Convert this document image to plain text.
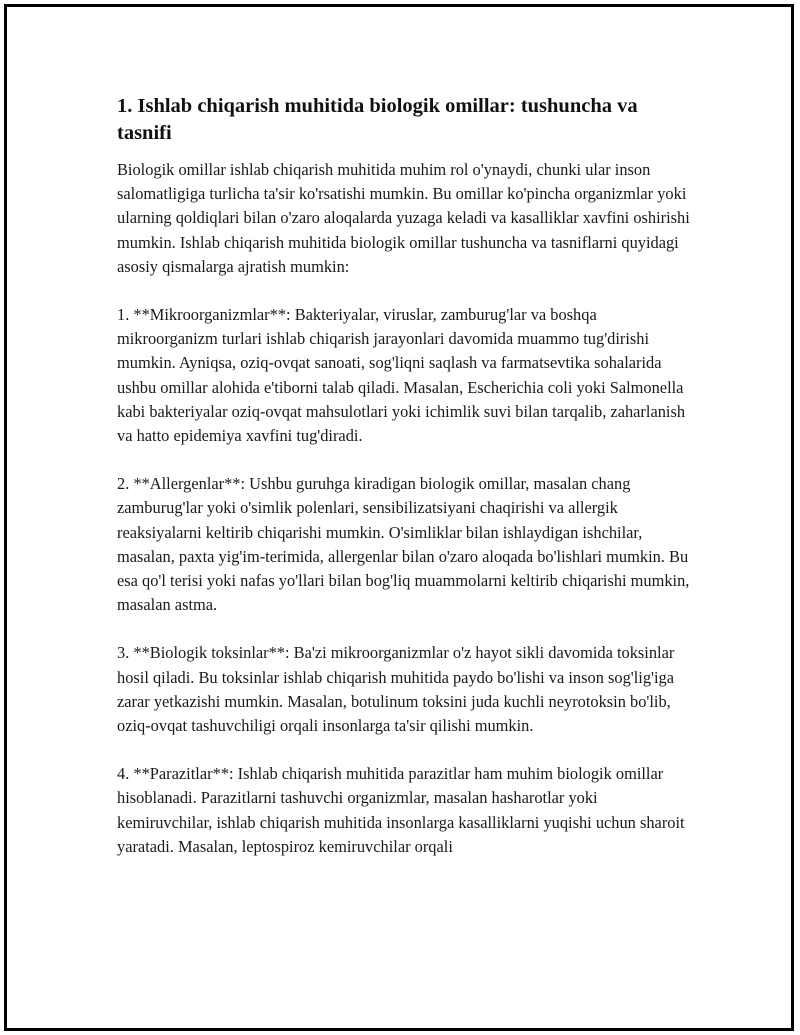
1. Ishlab chiqarish muhitida biologik omillar: tushuncha va tasnifi

Biologik omillar ishlab chiqarish muhitida muhim rol o'ynaydi, chunki ular inson salomatligiga turlicha ta'sir ko'rsatishi mumkin. Bu omillar ko'pincha organizmlar yoki ularning qoldiqlari bilan o'zaro aloqalarda yuzaga keladi va kasalliklar xavfini oshirishi mumkin. Ishlab chiqarish muhitida biologik omillar tushuncha va tasniflarni quyidagi asosiy qismalarga ajratish mumkin:

1. **Mikroorganizmlar**: Bakteriyalar, viruslar, zamburug'lar va boshqa mikroorganizm turlari ishlab chiqarish jarayonlari davomida muammo tug'dirishi mumkin. Ayniqsa, oziq-ovqat sanoati, sog'liqni saqlash va farmatsevtika sohalarida ushbu omillar alohida e'tiborni talab qiladi. Masalan, Escherichia coli yoki Salmonella kabi bakteriyalar oziq-ovqat mahsulotlari yoki ichimlik suvi bilan tarqalib, zaharlanish va hatto epidemiya xavfini tug'diradi.

2. **Allergenlar**: Ushbu guruhga kiradigan biologik omillar, masalan chang zamburug'lar yoki o'simlik polenlari, sensibilizatsiyani chaqirishi va allergik reaksiyalarni keltirib chiqarishi mumkin. O'simliklar bilan ishlaydigan ishchilar, masalan, paxta yig'im-terimida, allergenlar bilan o'zaro aloqada bo'lishlari mumkin. Bu esa qo'l terisi yoki nafas yo'llari bilan bog'liq muammolarni keltirib chiqarishi mumkin, masalan astma.

3. **Biologik toksinlar**: Ba'zi mikroorganizmlar o'z hayot sikli davomida toksinlar hosil qiladi. Bu toksinlar ishlab chiqarish muhitida paydo bo'lishi va inson sog'lig'iga zarar yetkazishi mumkin. Masalan, botulinum toksini juda kuchli neyrotoksin bo'lib, oziq-ovqat tashuvchiligi orqali insonlarga ta'sir qilishi mumkin.

4. **Parazitlar**: Ishlab chiqarish muhitida parazitlar ham muhim biologik omillar hisoblanadi. Parazitlarni tashuvchi organizmlar, masalan hasharotlar yoki kemiruvchilar, ishlab chiqarish muhitida insonlarga kasalliklarni yuqishi uchun sharoit yaratadi. Masalan, leptospiroz kemiruvchilar orqali
